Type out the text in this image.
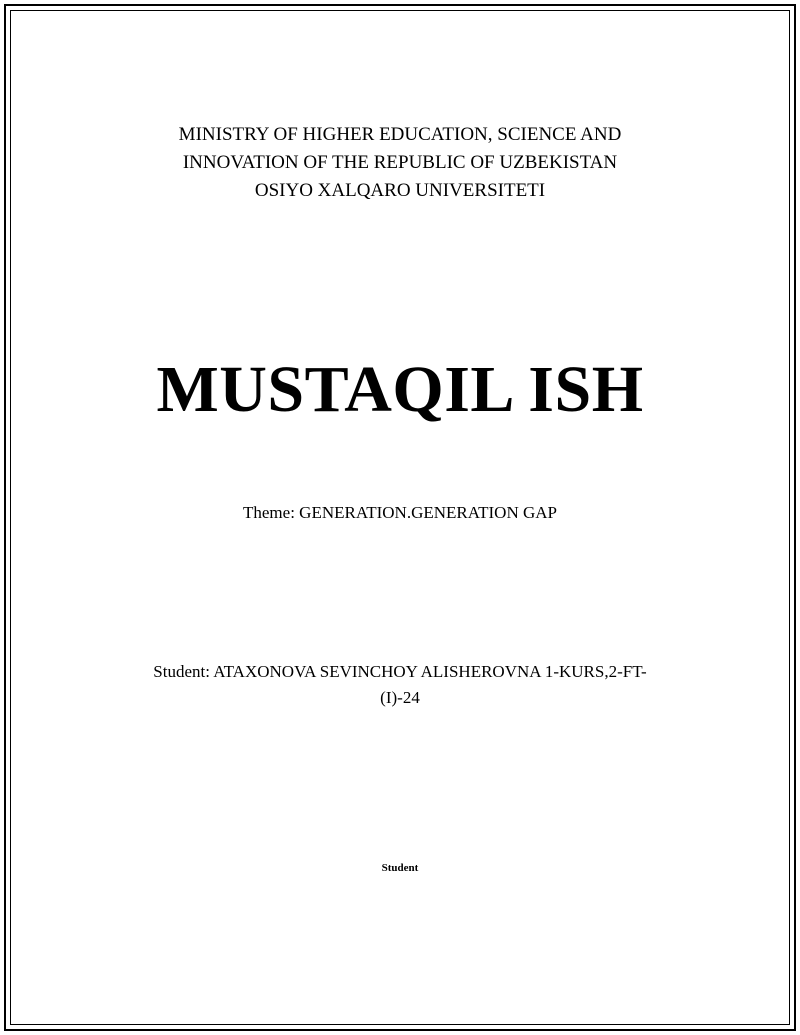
MINISTRY OF HIGHER EDUCATION, SCIENCE AND
INNOVATION OF THE REPUBLIC OF UZBEKISTAN
OSIYO XALQARO UNIVERSITETI
MUSTAQIL ISH
Theme: GENERATION.GENERATION GAP
Student: ATAXONOVA SEVINCHOY ALISHEROVNA 1-KURS,2-FT-
(I)-24
Student
